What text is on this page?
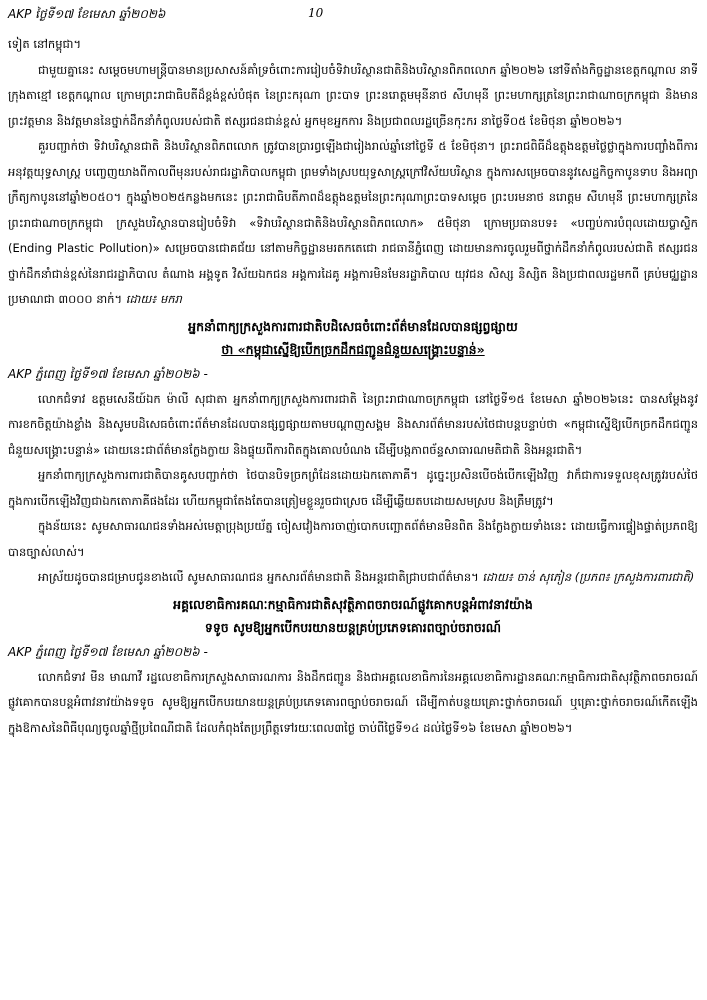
AKP ថ្ងៃទី១៧ ខែមេសា ឆ្នាំ២០២៦	10

ទៀត នៅកម្ពុជា។

ជាមួយគ្នានេះ សម្តេចមហាមន្ត្រីបានមានប្រសាសន៍គាំទ្រចំពោះការរៀបចំទិវាបរិស្ថានជាតិនិងបរិស្ថានពិភពលោក ឆ្នាំ២០២៦ នៅទីតាំងកិច្ចដ្ឋានខេត្តកណ្តាល នាទីក្រុងតាខ្មៅ ខេត្តកណ្តាល ក្រោមព្រះរាជាធិបតីដ៏ខ្ពង់ខ្ពស់បំផុត នៃព្រះករុណា ព្រះបាទ ព្រះនរោត្តមមុនីនាថ សីហមុនី ព្រះមហាក្សត្រនៃព្រះរាជាណាចក្រកម្ពុជា និងមានព្រះវត្តមាន និងវត្តមាននៃថ្នាក់ដឹកនាំកំពូលរបស់ជាតិ ឥស្សរជនជាន់ខ្ពស់ អ្នកមុខអ្នកការ និងប្រជាពលរដ្ឋច្រើនកុះករ នាថ្ងៃទី០៥ ខែមិថុនា ឆ្នាំ២០២៦។

គួរបញ្ជាក់ថា ទិវាបរិស្ថានជាតិ និងបរិស្ថានពិភពលោក ត្រូវបានប្រារព្ធឡើងជារៀងរាល់ឆ្នាំនៅថ្ងៃទី ៥ ខែមិថុនា។ ព្រះរាជពិធីដ៏ឧត្តុងឧត្តមថ្លៃថ្លាក្នុងការបញ្ចាំងពីការអនុវត្តយុទ្ធសាស្ត្រ បញ្ចេញយាងពីកាលពីមុនរបស់រាជរដ្ឋាភិបាលកម្ពុជា ព្រមទាំងស្របយុទ្ធសាស្ត្រក្រៅវិស័យបរិស្ថាន ក្នុងការសម្រេចបាននូវសេដ្ឋកិច្ចកាបូនទាប និងអព្យាក្រឹត្យកាបូននៅឆ្នាំ២០៥០។ ក្នុងឆ្នាំ២០២៥កន្លងមកនេះ ព្រះរាជាធិបតីភាពដ៏ឧត្តុងឧត្តមនៃព្រះករុណាព្រះបាទសម្តេច ព្រះបរមនាថ នរោត្តម សីហមុនី ព្រះមហាក្សត្រនៃព្រះរាជាណាចក្រកម្ពុជា ក្រសួងបរិស្ថានបានរៀបចំទិវា «ទិវាបរិស្ថានជាតិនិងបរិស្ថានពិភពលោក» ៥មិថុនា ក្រោមប្រធានបទ៖ «បញ្ចប់ការបំពុលដោយប្លាស្ទិក (Ending Plastic Pollution)» សម្រេចបានជោគជ័យ នៅតាមកិច្ចដ្ឋានមរតកតេជោ រាជធានីភ្នំពេញ ដោយមានការចូលរួមពីថ្នាក់ដឹកនាំកំពូលរបស់ជាតិ ឥស្សរជន ថ្នាក់ដឹកនាំជាន់ខ្ពស់នៃរាជរដ្ឋាភិបាល តំណាង អង្គទូត វិស័យឯកជន អង្គការដៃគូ អង្គការមិនមែនរដ្ឋាភិបាល យុវជន សិស្ស និស្សិត និងប្រជាពលរដ្ឋមកពី គ្រប់មជ្ឈដ្ឋាន ប្រមាណជា ៣០០០ នាក់។ ដោយ៖ មករា

អ្នកនាំពាក្យក្រសួងការពារជាតិបដិសេធចំពោះព័ត៌មានដែលបានផ្សព្វផ្សាយ
ថា «កម្ពុជាស្នើឱ្យបើកច្រកដឹកជញ្ជូនជំនួយសង្គ្រោះបន្ទាន់»
AKP ភ្នំពេញ ថ្ងៃទី១៧ ខែមេសា ឆ្នាំ២០២៦ -

លោកជំទាវ ឧត្តមសេនីយ៍ឯក ម៉ាលី សុជាតា អ្នកនាំពាក្យក្រសួងការពារជាតិ នៃព្រះរាជាណាចក្រកម្ពុជា នៅថ្ងៃទី១៥ ខែមេសា ឆ្នាំ២០២៦នេះ បានសម្តែងនូវការខកចិត្តយ៉ាងខ្លាំង និងសូមបដិសេធចំពោះព័ត៌មានដែលបានផ្សព្វផ្សាយតាមបណ្តាញសង្គម និងសារព័ត៌មានរបស់ថៃជាបន្តបន្ទាប់ថា «កម្ពុជាស្នើឱ្យបើកច្រកដឹកជញ្ជូនជំនួយសង្គ្រោះបន្ទាន់» ដោយនេះជាព័ត៌មានក្លែងក្លាយ និងផ្ទុយពីការពិតក្នុងគោលបំណង ដើម្បីបង្កភាពច័ន្ទសាធារណមតិជាតិ និងអន្តរជាតិ។

អ្នកនាំពាក្យក្រសួងការពារជាតិបានគូសបញ្ជាក់ថា ថៃបានបិទច្រកព្រំដែនដោយឯកតោភាគី។ ដូច្នេះប្រសិនបើចង់បើកឡើងវិញ វាក៏ជាការទទួលខុសត្រូវរបស់ថៃក្នុងការបើកឡើងវិញជាឯកតោភាគីផងដែរ ហើយកម្ពុជាតែងតែបានត្រៀមខ្លួនរួចជាស្រេច ដើម្បីឆ្លើយតបដោយសមស្រប និងត្រឹមត្រូវ។

ក្នុងន័យនេះ សូមសាធារណជនទាំងអស់មេត្តាប្រុងប្រយ័ត្ន ចៀសវៀងការចាញ់បោកបញ្ឆោតព័ត៌មានមិនពិត និងក្លែងក្លាយទាំងនេះ ដោយធ្វើការផ្ទៀងផ្ទាត់ប្រភពឱ្យបានច្បាស់លាស់។

អាស្រ័យដូចបានជម្រាបជូនខាងលើ សូមសាធារណជន អ្នកសារព័ត៌មានជាតិ និងអន្តរជាតិជ្រាបជាព័ត៌មាន។ ដោយ៖ ចាន់ សុភៀន (ប្រភព៖ ក្រសួងការពារជាតិ)

អគ្គលេខាធិការគណៈកម្មាធិការជាតិសុវត្ថិភាពចរាចរណ៍ផ្លូវគោកបន្តអំពាវនាវយ៉ាង
ទទូច សូមឱ្យអ្នកបើកបរយានយន្តគ្រប់ប្រភេទគោរពច្បាប់ចរាចរណ៍
AKP ភ្នំពេញ ថ្ងៃទី១៧ ខែមេសា ឆ្នាំ២០២៦ -

លោកជំទាវ មីន មាណាវី រដ្ឋលេខាធិការក្រសួងសាធារណការ និងដឹកជញ្ជូន និងជាអគ្គលេខាធិការនៃអគ្គលេខាធិការដ្ឋានគណៈកម្មាធិការជាតិសុវត្ថិភាពចរាចរណ៍ផ្លូវគោកបានបន្តអំពាវនាវយ៉ាងទទូច សូមឱ្យអ្នកបើកបរយានយន្តគ្រប់ប្រភេទគោរពច្បាប់ចរាចរណ៍ ដើម្បីកាត់បន្ថយគ្រោះថ្នាក់ចរាចរណ៍ ឬគ្រោះថ្នាក់ចរាចរណ៍កើតឡើងក្នុងឱកាសនៃពិធីបុណ្យចូលឆ្នាំថ្មីប្រពៃណីជាតិ ដែលកំពុងតែប្រព្រឹត្តទៅរយៈពេល៣ថ្ងៃ ចាប់ពីថ្ងៃទី១៤ ដល់ថ្ងៃទី១៦ ខែមេសា ឆ្នាំ២០២៦។
